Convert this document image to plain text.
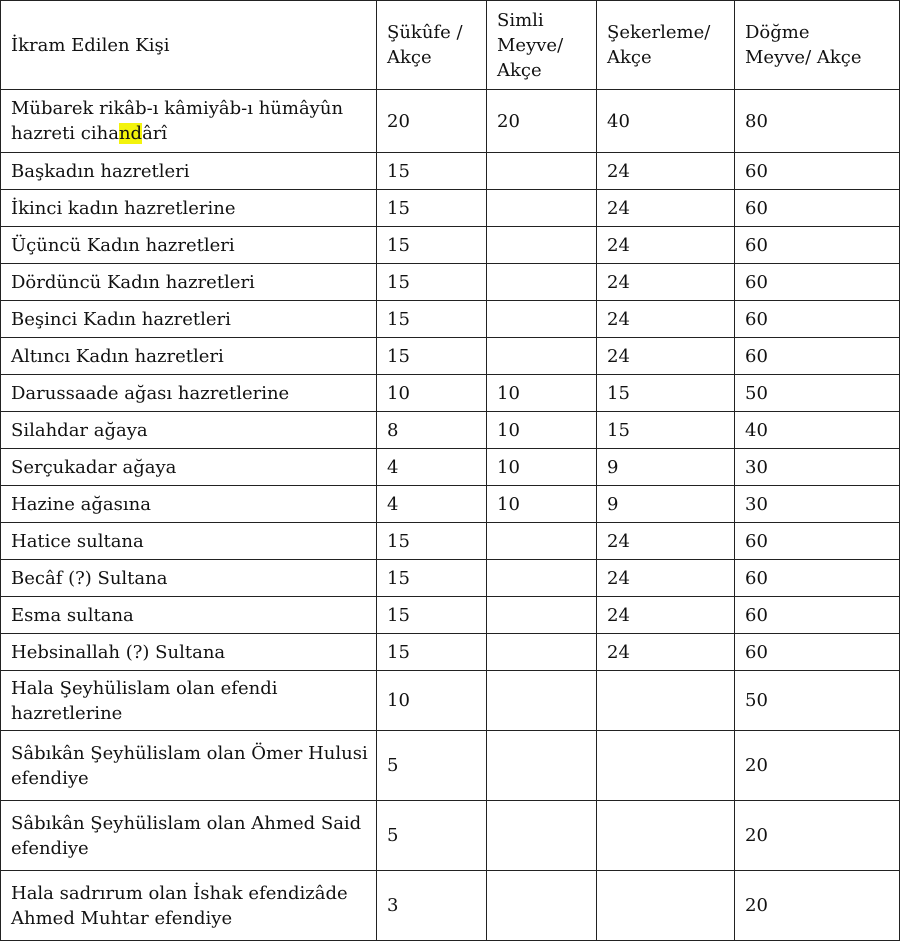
İkram Edilen Kişi	Şükûfe / Akçe	Simli Meyve/ Akçe	Şekerleme/ Akçe	Döğme Meyve/ Akçe
Mübarek rikâb-ı kâmiyâb-ı hümâyûn hazreti cihandârî	20	20	40	80
Başkadın hazretleri	15		24	60
İkinci kadın hazretlerine	15		24	60
Üçüncü Kadın hazretleri	15		24	60
Dördüncü Kadın hazretleri	15		24	60
Beşinci Kadın hazretleri	15		24	60
Altıncı Kadın hazretleri	15		24	60
Darussaade ağası hazretlerine	10	10	15	50
Silahdar ağaya	8	10	15	40
Serçukadar ağaya	4	10	9	30
Hazine ağasına	4	10	9	30
Hatice sultana	15		24	60
Becâf (?) Sultana	15		24	60
Esma sultana	15		24	60
Hebsinallah (?) Sultana	15		24	60
Hala Şeyhülislam olan efendi hazretlerine	10			50
Sâbıkân Şeyhülislam olan Ömer Hulusi efendiye	5			20
Sâbıkân Şeyhülislam olan Ahmed Said efendiye	5			20
Hala sadrırum olan İshak efendizâde Ahmed Muhtar efendiye	3			20
